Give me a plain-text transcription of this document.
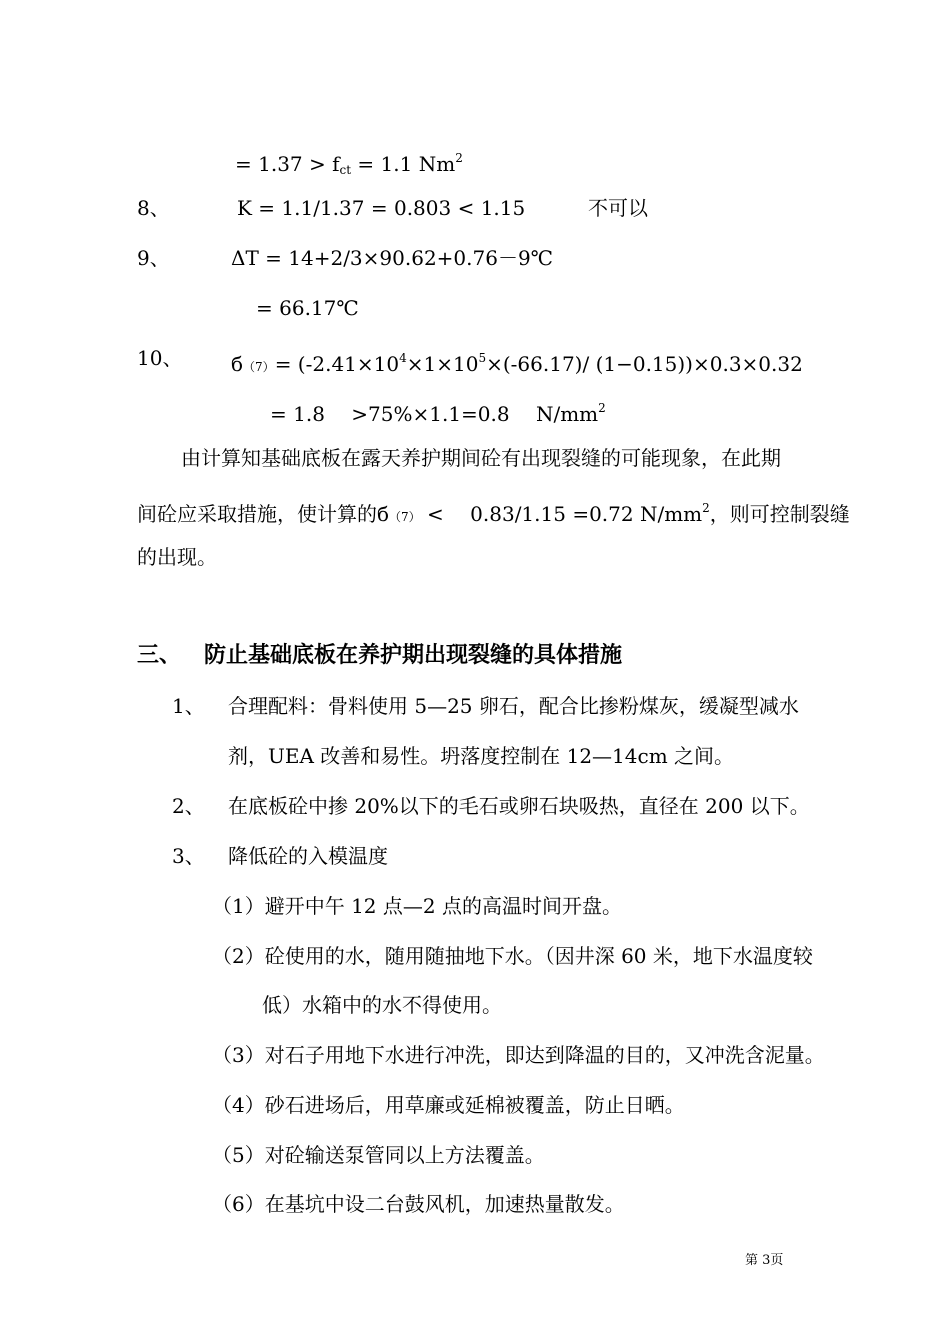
= $1.37 > f_{ct} = 1.1$ Nm$^2$
8、	K = 1.1/1.37 = 0.803 < 1.15	不可以
9、	ΔT = 14+2/3×90.62+0.76－9℃
= 66.17℃
10、 $б(7)= (-2.41\times 10^4\times 1\times 10^5\times(-66.17)/$ (1−0.15))×0.3×0.32
= 1.8　 >75%×1.1=0.8　 $N/mm^2$
由计算知基础底板在露天养护期间砼有出现裂缝的可能现象，在此期
间砼应采取措施，使计算的б（7） <　 0.83/1.15 =0.72 $N/mm^2$，则可控制裂缝
的出现。
三、 防止基础底板在养护期出现裂缝的具体措施
1、 合理配料：骨料使用 5—25 卵石，配合比掺粉煤灰，缓凝型减水
剂，UEA 改善和易性。坍落度控制在 12—14cm 之间。
2、 在底板砼中掺 20%以下的毛石或卵石块吸热，直径在 200 以下。
3、 降低砼的入模温度
（1）避开中午 12 点—2 点的高温时间开盘。
（2）砼使用的水，随用随抽地下水。（因井深 60 米，地下水温度较
低）水箱中的水不得使用。
（3）对石子用地下水进行冲洗，即达到降温的目的，又冲洗含泥量。
（4）砂石进场后，用草廉或延棉被覆盖，防止日晒。
（5）对砼输送泵管同以上方法覆盖。
（6）在基坑中设二台鼓风机，加速热量散发。
第 3页
